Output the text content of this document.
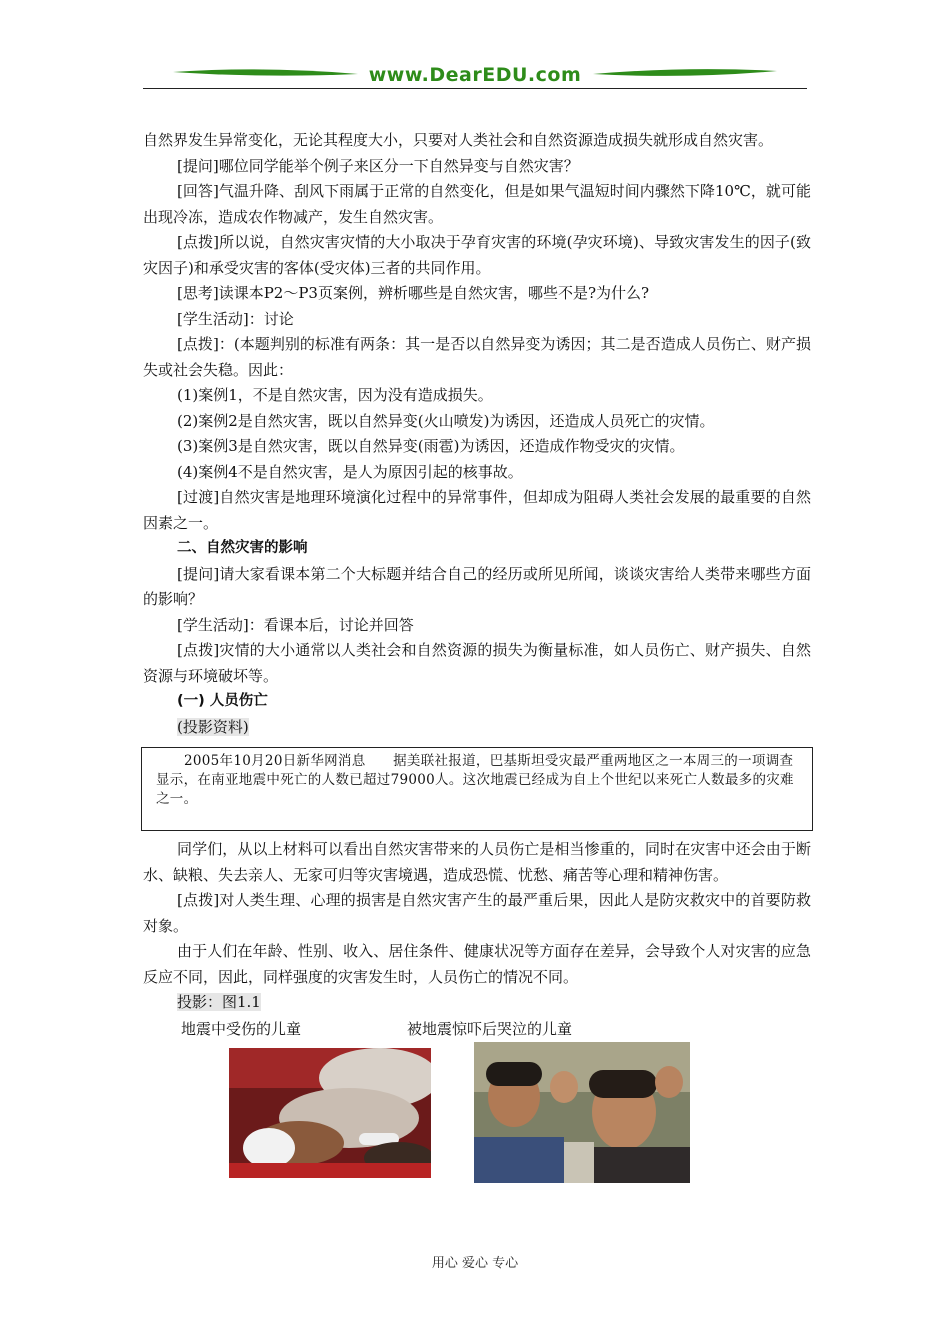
www.DearEDU.com

自然界发生异常变化，无论其程度大小，只要对人类社会和自然资源造成损失就形成自然灾害。

[提问]哪位同学能举个例子来区分一下自然异变与自然灾害？

[回答]气温升降、刮风下雨属于正常的自然变化，但是如果气温短时间内骤然下降10℃，就可能出现冷冻，造成农作物减产，发生自然灾害。

[点拨]所以说，自然灾害灾情的大小取决于孕育灾害的环境(孕灾环境)、导致灾害发生的因子(致灾因子)和承受灾害的客体(受灾体)三者的共同作用。

[思考]读课本P2～P3页案例，辨析哪些是自然灾害，哪些不是?为什么?

[学生活动]：讨论

[点拨]：(本题判别的标准有两条：其一是否以自然异变为诱因；其二是否造成人员伤亡、财产损失或社会失稳。因此：

(1)案例1，不是自然灾害，因为没有造成损失。

(2)案例2是自然灾害，既以自然异变(火山喷发)为诱因，还造成人员死亡的灾情。

(3)案例3是自然灾害，既以自然异变(雨雹)为诱因，还造成作物受灾的灾情。

(4)案例4不是自然灾害，是人为原因引起的核事故。

[过渡]自然灾害是地理环境演化过程中的异常事件，但却成为阻碍人类社会发展的最重要的自然因素之一。

二、自然灾害的影响

[提问]请大家看课本第二个大标题并结合自己的经历或所见所闻，谈谈灾害给人类带来哪些方面的影响？

[学生活动]：看课本后，讨论并回答

[点拨]灾情的大小通常以人类社会和自然资源的损失为衡量标准，如人员伤亡、财产损失、自然资源与环境破坏等。

(一) 人员伤亡

(投影资料)

2005年10月20日新华网消息　　据美联社报道，巴基斯坦受灾最严重两地区之一本周三的一项调查显示，在南亚地震中死亡的人数已超过79000人。这次地震已经成为自上个世纪以来死亡人数最多的灾难之一。

同学们，从以上材料可以看出自然灾害带来的人员伤亡是相当惨重的，同时在灾害中还会由于断水、缺粮、失去亲人、无家可归等灾害境遇，造成恐慌、忧愁、痛苦等心理和精神伤害。

[点拨]对人类生理、心理的损害是自然灾害产生的最严重后果，因此人是防灾救灾中的首要防救对象。

由于人们在年龄、性别、收入、居住条件、健康状况等方面存在差异，会导致个人对灾害的应急反应不同，因此，同样强度的灾害发生时，人员伤亡的情况不同。

投影：图1.1

地震中受伤的儿童	被地震惊吓后哭泣的儿童
用心 爱心 专心
